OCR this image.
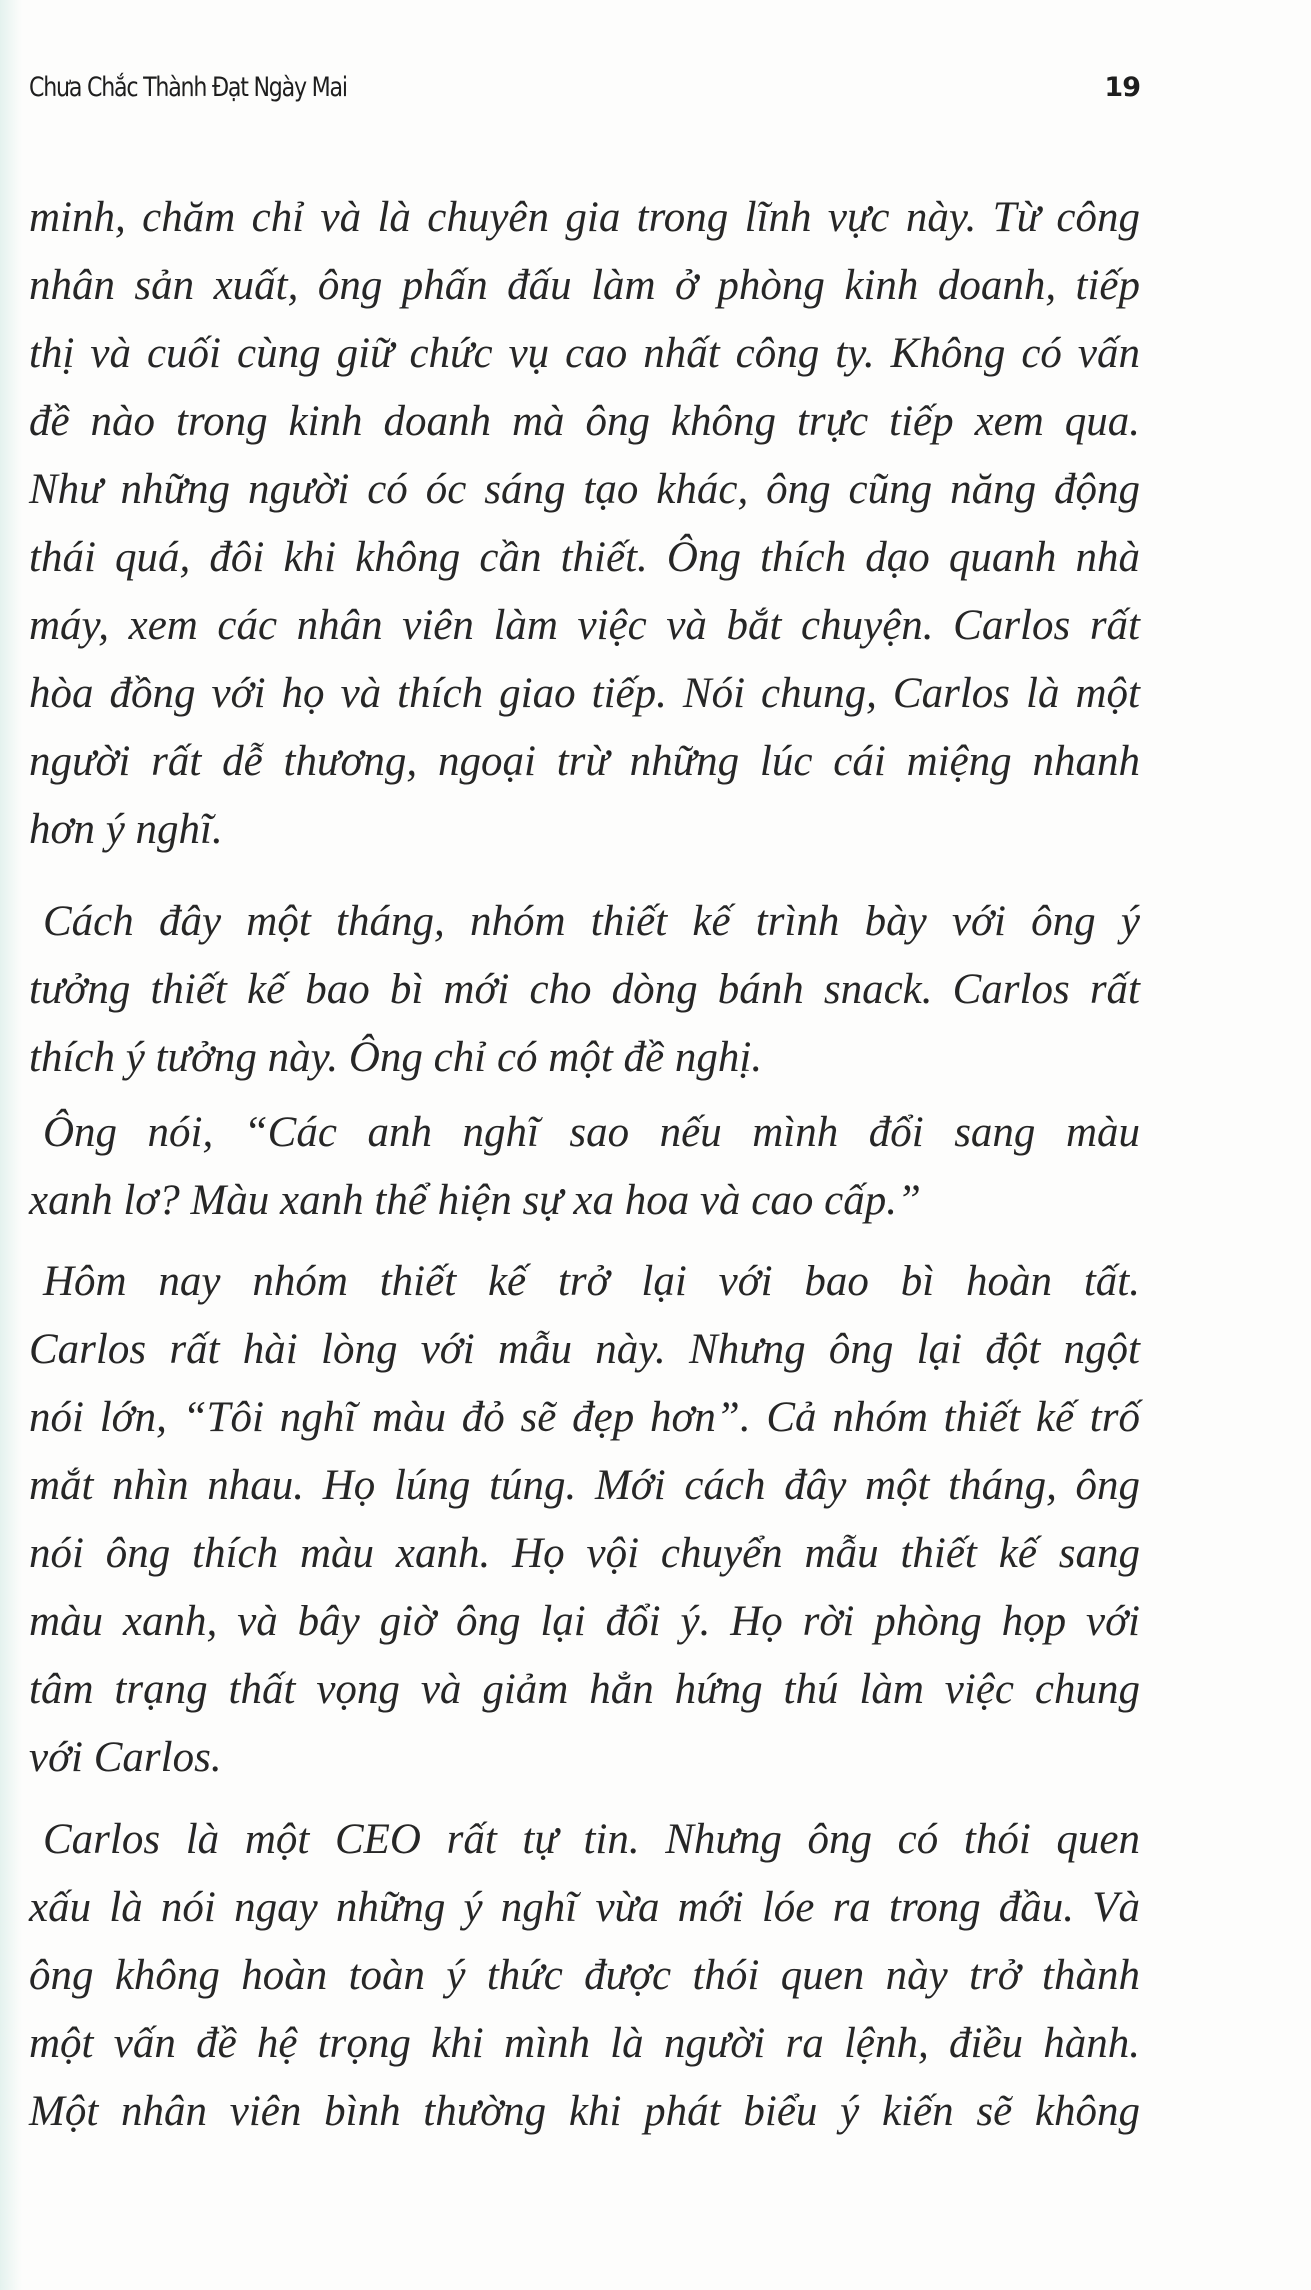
Chưa Chắc Thành Đạt Ngày Mai	19
minh, chăm chỉ và là chuyên gia trong lĩnh vực này. Từ công
nhân sản xuất, ông phấn đấu làm ở phòng kinh doanh, tiếp
thị và cuối cùng giữ chức vụ cao nhất công ty. Không có vấn
đề nào trong kinh doanh mà ông không trực tiếp xem qua.
Như những người có óc sáng tạo khác, ông cũng năng động
thái quá, đôi khi không cần thiết. Ông thích dạo quanh nhà
máy, xem các nhân viên làm việc và bắt chuyện. Carlos rất
hòa đồng với họ và thích giao tiếp. Nói chung, Carlos là một
người rất dễ thương, ngoại trừ những lúc cái miệng nhanh
hơn ý nghĩ.
Cách đây một tháng, nhóm thiết kế trình bày với ông ý
tưởng thiết kế bao bì mới cho dòng bánh snack. Carlos rất
thích ý tưởng này. Ông chỉ có một đề nghị.
Ông nói, “Các anh nghĩ sao nếu mình đổi sang màu
xanh lơ? Màu xanh thể hiện sự xa hoa và cao cấp.”
Hôm nay nhóm thiết kế trở lại với bao bì hoàn tất.
Carlos rất hài lòng với mẫu này. Nhưng ông lại đột ngột
nói lớn, “Tôi nghĩ màu đỏ sẽ đẹp hơn”. Cả nhóm thiết kế trố
mắt nhìn nhau. Họ lúng túng. Mới cách đây một tháng, ông
nói ông thích màu xanh. Họ vội chuyển mẫu thiết kế sang
màu xanh, và bây giờ ông lại đổi ý. Họ rời phòng họp với
tâm trạng thất vọng và giảm hẳn hứng thú làm việc chung
với Carlos.
Carlos là một CEO rất tự tin. Nhưng ông có thói quen
xấu là nói ngay những ý nghĩ vừa mới lóe ra trong đầu. Và
ông không hoàn toàn ý thức được thói quen này trở thành
một vấn đề hệ trọng khi mình là người ra lệnh, điều hành.
Một nhân viên bình thường khi phát biểu ý kiến sẽ không
